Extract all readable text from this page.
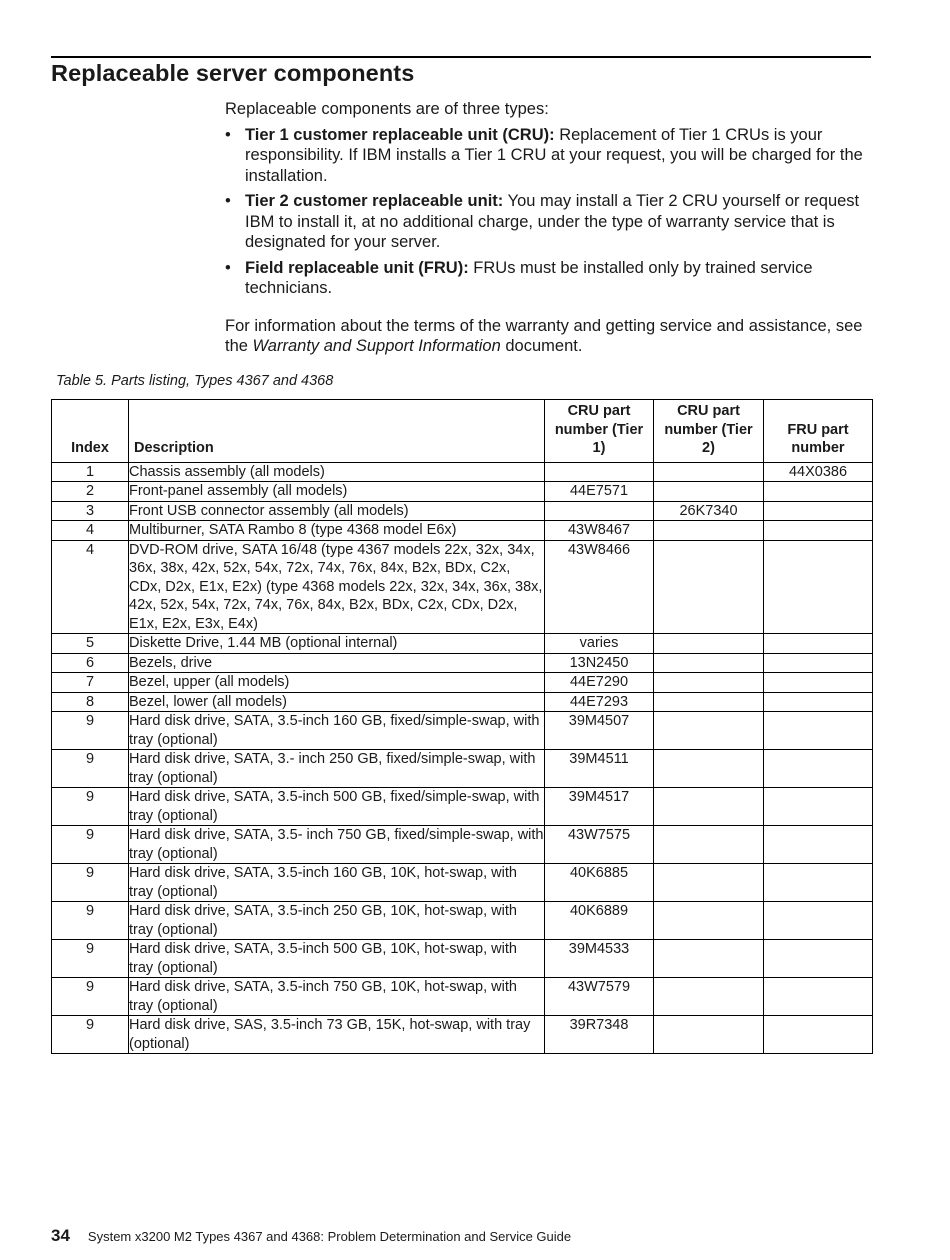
Replaceable server components

Replaceable components are of three types:

• Tier 1 customer replaceable unit (CRU): Replacement of Tier 1 CRUs is your responsibility. If IBM installs a Tier 1 CRU at your request, you will be charged for the installation.
• Tier 2 customer replaceable unit: You may install a Tier 2 CRU yourself or request IBM to install it, at no additional charge, under the type of warranty service that is designated for your server.
• Field replaceable unit (FRU): FRUs must be installed only by trained service technicians.

For information about the terms of the warranty and getting service and assistance, see the Warranty and Support Information document.

Table 5. Parts listing, Types 4367 and 4368
Index	Description	CRU part number (Tier 1)	CRU part number (Tier 2)	FRU part number
1	Chassis assembly (all models)			44X0386
2	Front-panel assembly (all models)	44E7571		
3	Front USB connector assembly (all models)		26K7340	
4	Multiburner, SATA Rambo 8 (type 4368 model E6x)	43W8467		
4	DVD-ROM drive, SATA 16/48 (type 4367 models 22x, 32x, 34x, 36x, 38x, 42x, 52x, 54x, 72x, 74x, 76x, 84x, B2x, BDx, C2x, CDx, D2x, E1x, E2x) (type 4368 models 22x, 32x, 34x, 36x, 38x, 42x, 52x, 54x, 72x, 74x, 76x, 84x, B2x, BDx, C2x, CDx, D2x, E1x, E2x, E3x, E4x)	43W8466		
5	Diskette Drive, 1.44 MB (optional internal)	varies		
6	Bezels, drive	13N2450		
7	Bezel, upper (all models)	44E7290		
8	Bezel, lower (all models)	44E7293		
9	Hard disk drive, SATA, 3.5-inch 160 GB, fixed/simple-swap, with tray (optional)	39M4507		
9	Hard disk drive, SATA, 3.- inch 250 GB, fixed/simple-swap, with tray (optional)	39M4511		
9	Hard disk drive, SATA, 3.5-inch 500 GB, fixed/simple-swap, with tray (optional)	39M4517		
9	Hard disk drive, SATA, 3.5- inch 750 GB, fixed/simple-swap, with tray (optional)	43W7575		
9	Hard disk drive, SATA, 3.5-inch 160 GB, 10K, hot-swap, with tray (optional)	40K6885		
9	Hard disk drive, SATA, 3.5-inch 250 GB, 10K, hot-swap, with tray (optional)	40K6889		
9	Hard disk drive, SATA, 3.5-inch 500 GB, 10K, hot-swap, with tray (optional)	39M4533		
9	Hard disk drive, SATA, 3.5-inch 750 GB, 10K, hot-swap, with tray (optional)	43W7579		
9	Hard disk drive, SAS, 3.5-inch 73 GB, 15K, hot-swap, with tray (optional)	39R7348		
34 System x3200 M2 Types 4367 and 4368: Problem Determination and Service Guide
